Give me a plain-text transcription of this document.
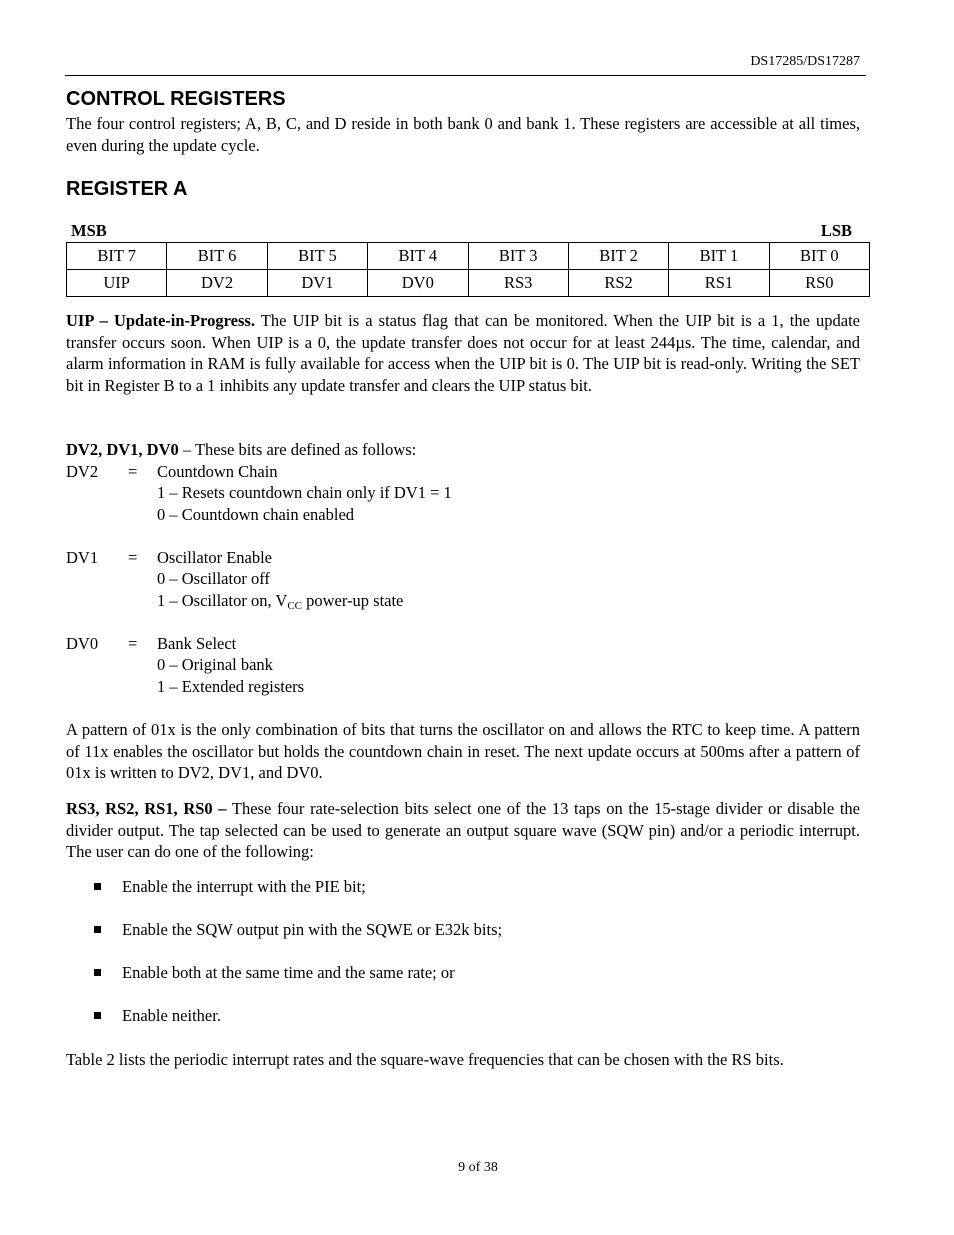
DS17285/DS17287
CONTROL REGISTERS

The four control registers; A, B, C, and D reside in both bank 0 and bank 1. These registers are accessible at all times, even during the update cycle.

REGISTER A
MSB	LSB
BIT 7	BIT 6	BIT 5	BIT 4	BIT 3	BIT 2	BIT 1	BIT 0
UIP	DV2	DV1	DV0	RS3	RS2	RS1	RS0

UIP – Update-in-Progress. The UIP bit is a status flag that can be monitored. When the UIP bit is a 1, the update transfer occurs soon. When UIP is a 0, the update transfer does not occur for at least 244µs. The time, calendar, and alarm information in RAM is fully available for access when the UIP bit is 0. The UIP bit is read-only. Writing the SET bit in Register B to a 1 inhibits any update transfer and clears the UIP status bit.

DV2, DV1, DV0 – These bits are defined as follows:
DV2 = Countdown Chain
1 – Resets countdown chain only if DV1 = 1
0 – Countdown chain enabled
DV1 = Oscillator Enable
0 – Oscillator off
1 – Oscillator on, $V_{CC}$ power-up state
DV0 = Bank Select
0 – Original bank
1 – Extended registers

A pattern of 01x is the only combination of bits that turns the oscillator on and allows the RTC to keep time. A pattern of 11x enables the oscillator but holds the countdown chain in reset. The next update occurs at 500ms after a pattern of 01x is written to DV2, DV1, and DV0.

RS3, RS2, RS1, RS0 – These four rate-selection bits select one of the 13 taps on the 15-stage divider or disable the divider output. The tap selected can be used to generate an output square wave (SQW pin) and/or a periodic interrupt. The user can do one of the following:

Enable the interrupt with the PIE bit;
Enable the SQW output pin with the SQWE or E32k bits;
Enable both at the same time and the same rate; or
Enable neither.

Table 2 lists the periodic interrupt rates and the square-wave frequencies that can be chosen with the RS bits.

9 of 38
